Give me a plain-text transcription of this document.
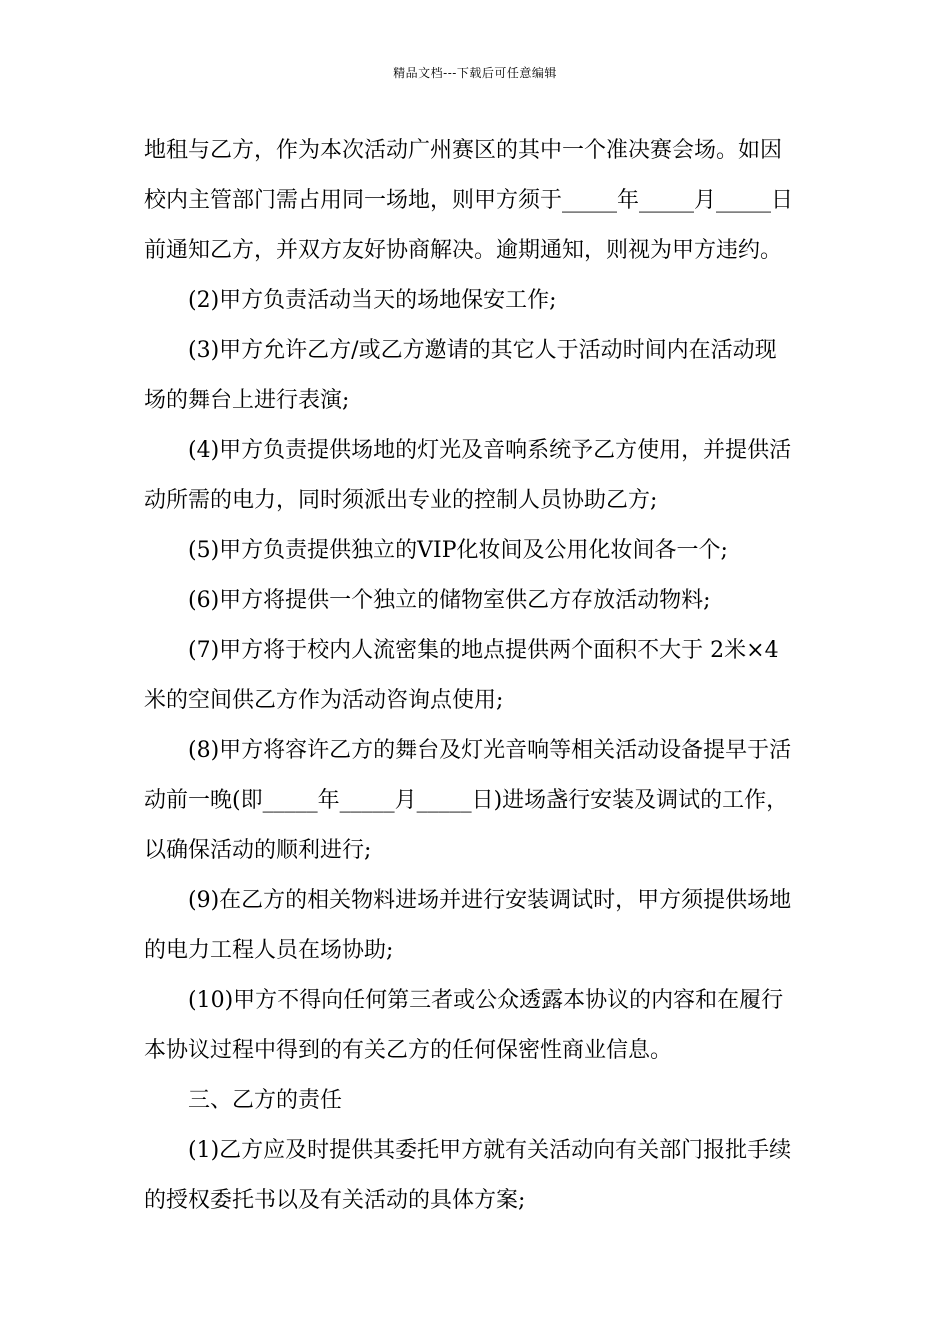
精品文档---下载后可任意编辑
地租与乙方，作为本次活动广州赛区的其中一个准决赛会场。如因
校内主管部门需占用同一场地，则甲方须于_____年_____月_____日
前通知乙方，并双方友好协商解决。逾期通知，则视为甲方违约。
(2)甲方负责活动当天的场地保安工作;
(3)甲方允许乙方/或乙方邀请的其它人于活动时间内在活动现
场的舞台上进行表演;
(4)甲方负责提供场地的灯光及音响系统予乙方使用，并提供活
动所需的电力，同时须派出专业的控制人员协助乙方;
(5)甲方负责提供独立的VIP化妆间及公用化妆间各一个;
(6)甲方将提供一个独立的储物室供乙方存放活动物料;
(7)甲方将于校内人流密集的地点提供两个面积不大于 2米×4
米的空间供乙方作为活动咨询点使用;
(8)甲方将容许乙方的舞台及灯光音响等相关活动设备提早于活
动前一晚(即_____年_____月_____日)进场盏行安装及调试的工作，
以确保活动的顺利进行;
(9)在乙方的相关物料进场并进行安装调试时，甲方须提供场地
的电力工程人员在场协助;
(10)甲方不得向任何第三者或公众透露本协议的内容和在履行
本协议过程中得到的有关乙方的任何保密性商业信息。
三、乙方的责任
(1)乙方应及时提供其委托甲方就有关活动向有关部门报批手续
的授权委托书以及有关活动的具体方案;
